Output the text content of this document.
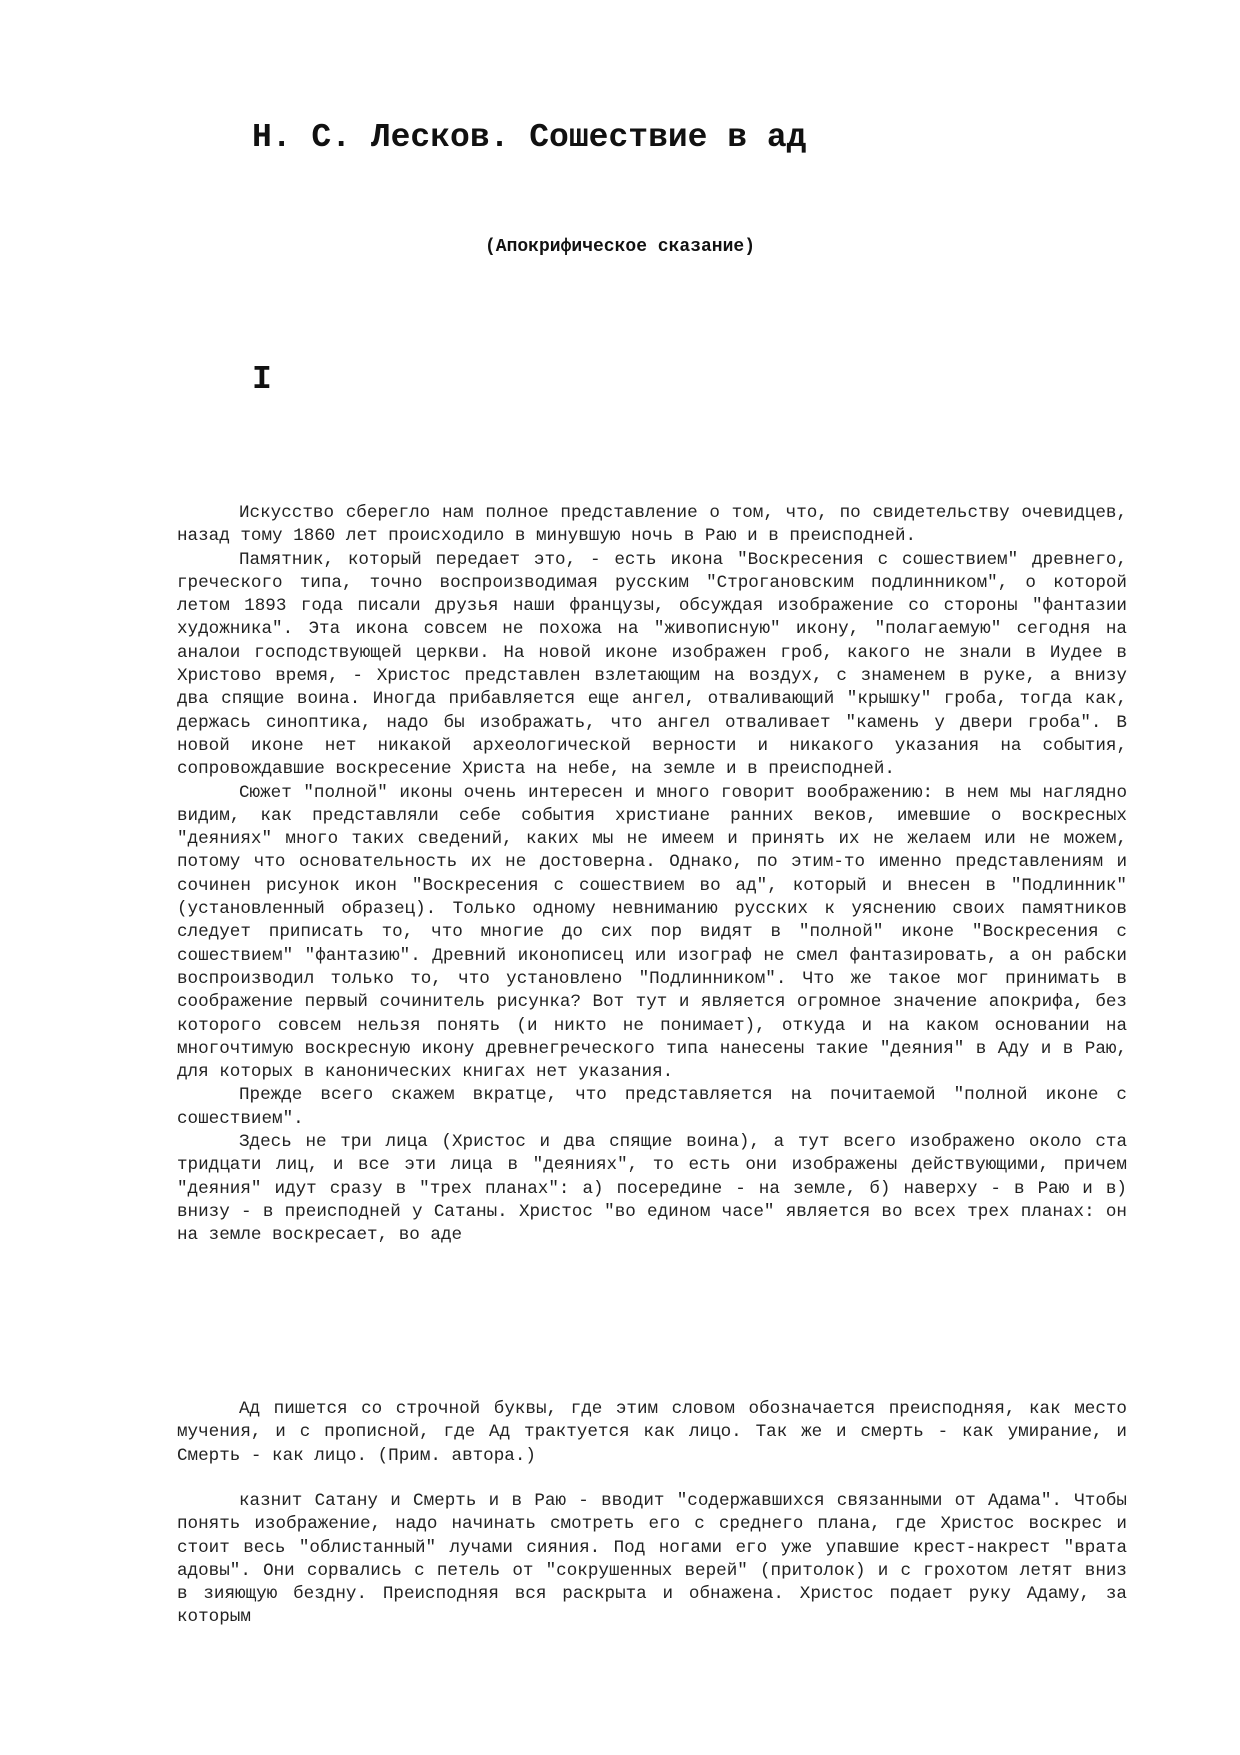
Н. С. Лесков. Сошествие в ад
(Апокрифическое сказание)
I

Искусство сберегло нам полное представление о том, что, по свидетельству очевидцев, назад тому 1860 лет происходило в минувшую ночь в Раю и в преисподней.

Памятник, который передает это, - есть икона "Воскресения с сошествием" древнего, греческого типа, точно воспроизводимая русским "Строгановским подлинником", о которой летом 1893 года писали друзья наши французы, обсуждая изображение со стороны "фантазии художника". Эта икона совсем не похожа на "живописную" икону, "полагаемую" сегодня на аналои господствующей церкви. На новой иконе изображен гроб, какого не знали в Иудее в Христово время, - Христос представлен взлетающим на воздух, с знаменем в руке, а внизу два спящие воина. Иногда прибавляется еще ангел, отваливающий "крышку" гроба, тогда как, держась синоптика, надо бы изображать, что ангел отваливает "камень у двери гроба". В новой иконе нет никакой археологической верности и никакого указания на события, сопровождавшие воскресение Христа на небе, на земле и в преисподней.

Сюжет "полной" иконы очень интересен и много говорит воображению: в нем мы наглядно видим, как представляли себе события христиане ранних веков, имевшие о воскресных "деяниях" много таких сведений, каких мы не имеем и принять их не желаем или не можем, потому что основательность их не достоверна. Однако, по этим-то именно представлениям и сочинен рисунок икон "Воскресения с сошествием во ад", который и внесен в "Подлинник" (установленный образец). Только одному невниманию русских к уяснению своих памятников следует приписать то, что многие до сих пор видят в "полной" иконе "Воскресения с сошествием" "фантазию". Древний иконописец или изограф не смел фантазировать, а он рабски воспроизводил только то, что установлено "Подлинником". Что же такое мог принимать в соображение первый сочинитель рисунка? Вот тут и является огромное значение апокрифа, без которого совсем нельзя понять (и никто не понимает), откуда и на каком основании на многочтимую воскресную икону древнегреческого типа нанесены такие "деяния" в Аду и в Раю, для которых в канонических книгах нет указания.

Прежде всего скажем вкратце, что представляется на почитаемой "полной иконе с сошествием".

Здесь не три лица (Христос и два спящие воина), а тут всего изображено около ста тридцати лиц, и все эти лица в "деяниях", то есть они изображены действующими, причем "деяния" идут сразу в "трех планах": а) посередине - на земле, б) наверху - в Раю и в) внизу - в преисподней у Сатаны. Христос "во едином часе" является во всех трех планах: он на земле воскресает, во аде

Ад пишется со строчной буквы, где этим словом обозначается преисподняя, как место мучения, и с прописной, где Ад трактуется как лицо. Так же и смерть - как умирание, и Смерть - как лицо. (Прим. автора.)

казнит Сатану и Смерть и в Раю - вводит "содержавшихся связанными от Адама". Чтобы понять изображение, надо начинать смотреть его с среднего плана, где Христос воскрес и стоит весь "облистанный" лучами сияния. Под ногами его уже упавшие крест-накрест "врата адовы". Они сорвались с петель от "сокрушенных верей" (притолок) и с грохотом летят вниз в зияющую бездну. Преисподняя вся раскрыта и обнажена. Христос подает руку Адаму, за которым
